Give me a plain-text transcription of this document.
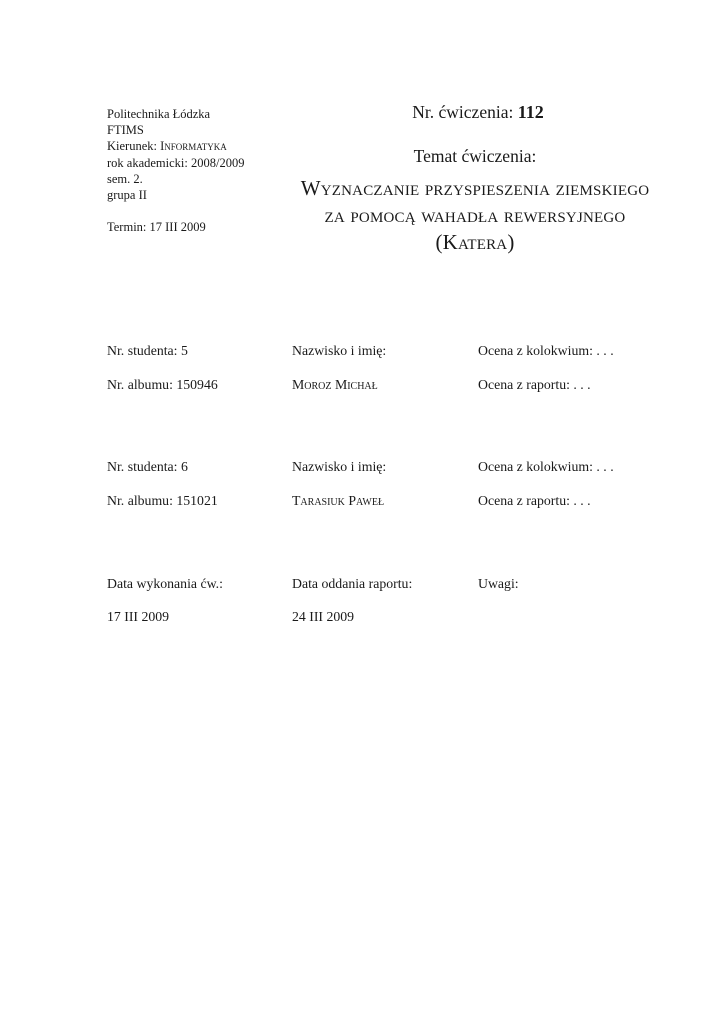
Politechnika Łódzka
FTIMS
Kierunek: Informatyka
rok akademicki: 2008/2009
sem. 2.
grupa II
Termin: 17 III 2009
Nr. ćwiczenia: 112
Temat ćwiczenia:
Wyznaczanie przyspieszenia ziemskiego za pomocą wahadła rewersyjnego (Katera)
Nr. studenta: 5	Nazwisko i imię:	Ocena z kolokwium: . . .
Nr. albumu: 150946	Moroz Michał	Ocena z raportu: . . .
Nr. studenta: 6	Nazwisko i imię:	Ocena z kolokwium: . . .
Nr. albumu: 151021	Tarasiuk Paweł	Ocena z raportu: . . .
Data wykonania ćw.:	Data oddania raportu:	Uwagi:
17 III 2009	24 III 2009
